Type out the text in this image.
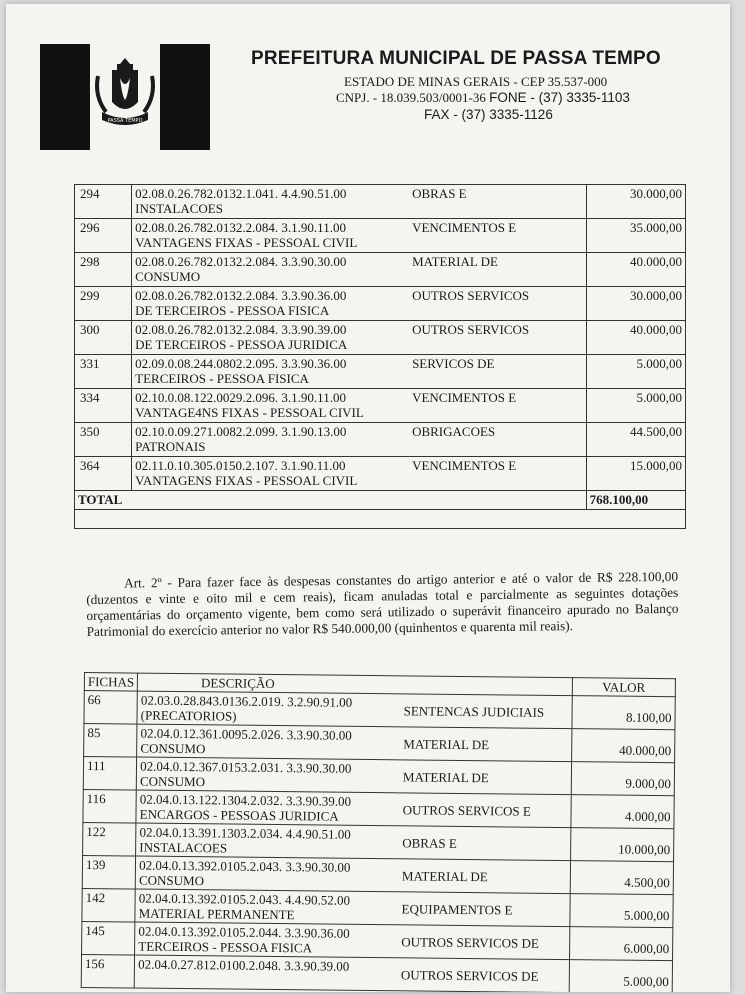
PASSA TEMPO
PREFEITURA MUNICIPAL DE PASSA TEMPO
ESTADO DE MINAS GERAIS - CEP 35.537-000
CNPJ. - 18.039.503/0001-36 FONE - (37) 3335-1103
FAX - (37) 3335-1126
294	02.08.0.26.782.0132.1.041. 4.4.90.51.00
INSTALACOES	OBRAS E	30.000,00
296	02.08.0.26.782.0132.2.084. 3.1.90.11.00
VANTAGENS FIXAS - PESSOAL CIVIL	VENCIMENTOS E	35.000,00
298	02.08.0.26.782.0132.2.084. 3.3.90.30.00
CONSUMO	MATERIAL DE	40.000,00
299	02.08.0.26.782.0132.2.084. 3.3.90.36.00
DE TERCEIROS - PESSOA FISICA	OUTROS SERVICOS	30.000,00
300	02.08.0.26.782.0132.2.084. 3.3.90.39.00
DE TERCEIROS - PESSOA JURIDICA	OUTROS SERVICOS	40.000,00
331	02.09.0.08.244.0802.2.095. 3.3.90.36.00
TERCEIROS - PESSOA FISICA	SERVICOS DE	5.000,00
334	02.10.0.08.122.0029.2.096. 3.1.90.11.00
VANTAGE4NS FIXAS - PESSOAL CIVIL	VENCIMENTOS E	5.000,00
350	02.10.0.09.271.0082.2.099. 3.1.90.13.00
PATRONAIS	OBRIGACOES	44.500,00
364	02.11.0.10.305.0150.2.107. 3.1.90.11.00
VANTAGENS FIXAS - PESSOAL CIVIL	VENCIMENTOS E	15.000,00
TOTAL			768.100,00

Art. 2º - Para fazer face às despesas constantes do artigo anterior e até o valor de R$ 228.100,00 (duzentos e vinte e oito mil e cem reais), ficam anuladas total e parcialmente as seguintes dotações orçamentárias do orçamento vigente, bem como será utilizado o superávit financeiro apurado no Balanço Patrimonial do exercício anterior no valor R$ 540.000,00 (quinhentos e quarenta mil reais).

FICHAS	DESCRIÇÃO		VALOR
66	02.03.0.28.843.0136.2.019. 3.2.90.91.00
(PRECATORIOS)	SENTENCAS JUDICIAIS	8.100,00

85	02.04.0.12.361.0095.2.026. 3.3.90.30.00
CONSUMO	MATERIAL DE	40.000,00

111	02.04.0.12.367.0153.2.031. 3.3.90.30.00
CONSUMO	MATERIAL DE	9.000,00

116	02.04.0.13.122.1304.2.032. 3.3.90.39.00
ENCARGOS - PESSOAS JURIDICA	OUTROS SERVICOS E	4.000,00

122	02.04.0.13.391.1303.2.034. 4.4.90.51.00
INSTALACOES	OBRAS E	10.000,00

139	02.04.0.13.392.0105.2.043. 3.3.90.30.00
CONSUMO	MATERIAL DE	4.500,00

142	02.04.0.13.392.0105.2.043. 4.4.90.52.00
MATERIAL PERMANENTE	EQUIPAMENTOS E	5.000,00

145	02.04.0.13.392.0105.2.044. 3.3.90.36.00
TERCEIROS - PESSOA FISICA	OUTROS SERVICOS DE	6.000,00

156	02.04.0.27.812.0100.2.048. 3.3.90.39.00	OUTROS SERVICOS DE	5.000,00
